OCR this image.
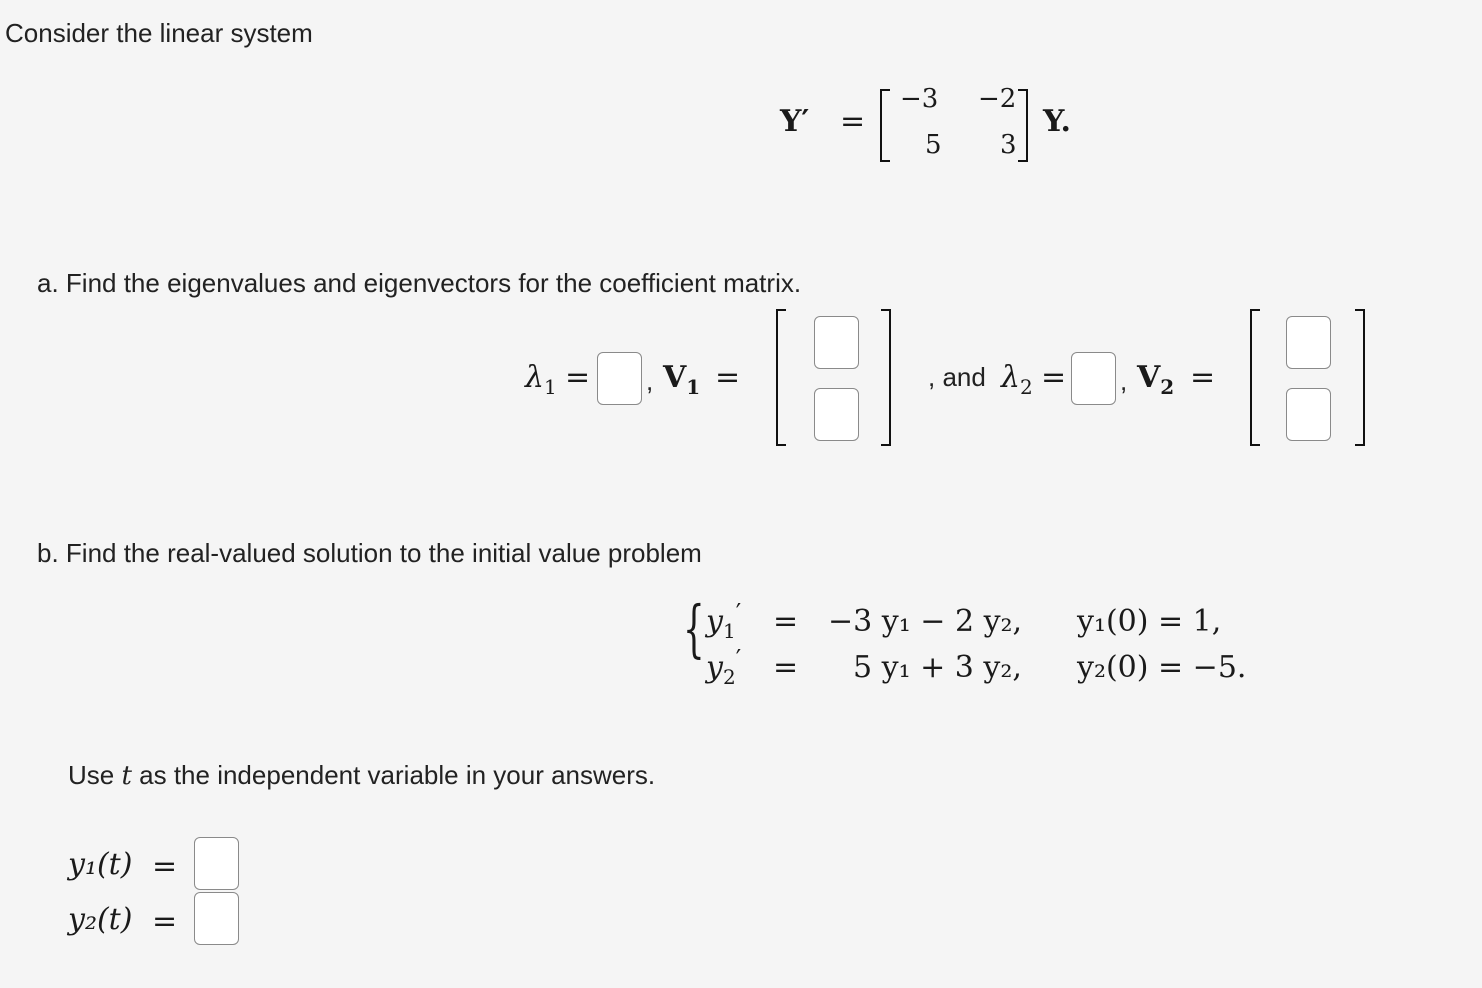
Consider the linear system
Y′ =
−3 −2
5 3
Y.
a. Find the eigenvalues and eigenvectors for the coefficient matrix.
$\lambda_1$ = , $V_1$ =	, and $\lambda_2$ = , $V_2$ =
b. Find the real-valued solution to the initial value problem
{ $y_1' = -3$ y₁ − 2 y₂, y₁(0) = 1,
$y_2' = 5$ y₁ + 3 y₂, y₂(0) = −5.
Use t as the independent variable in your answers.
y₁(t) =
y₂(t) =
